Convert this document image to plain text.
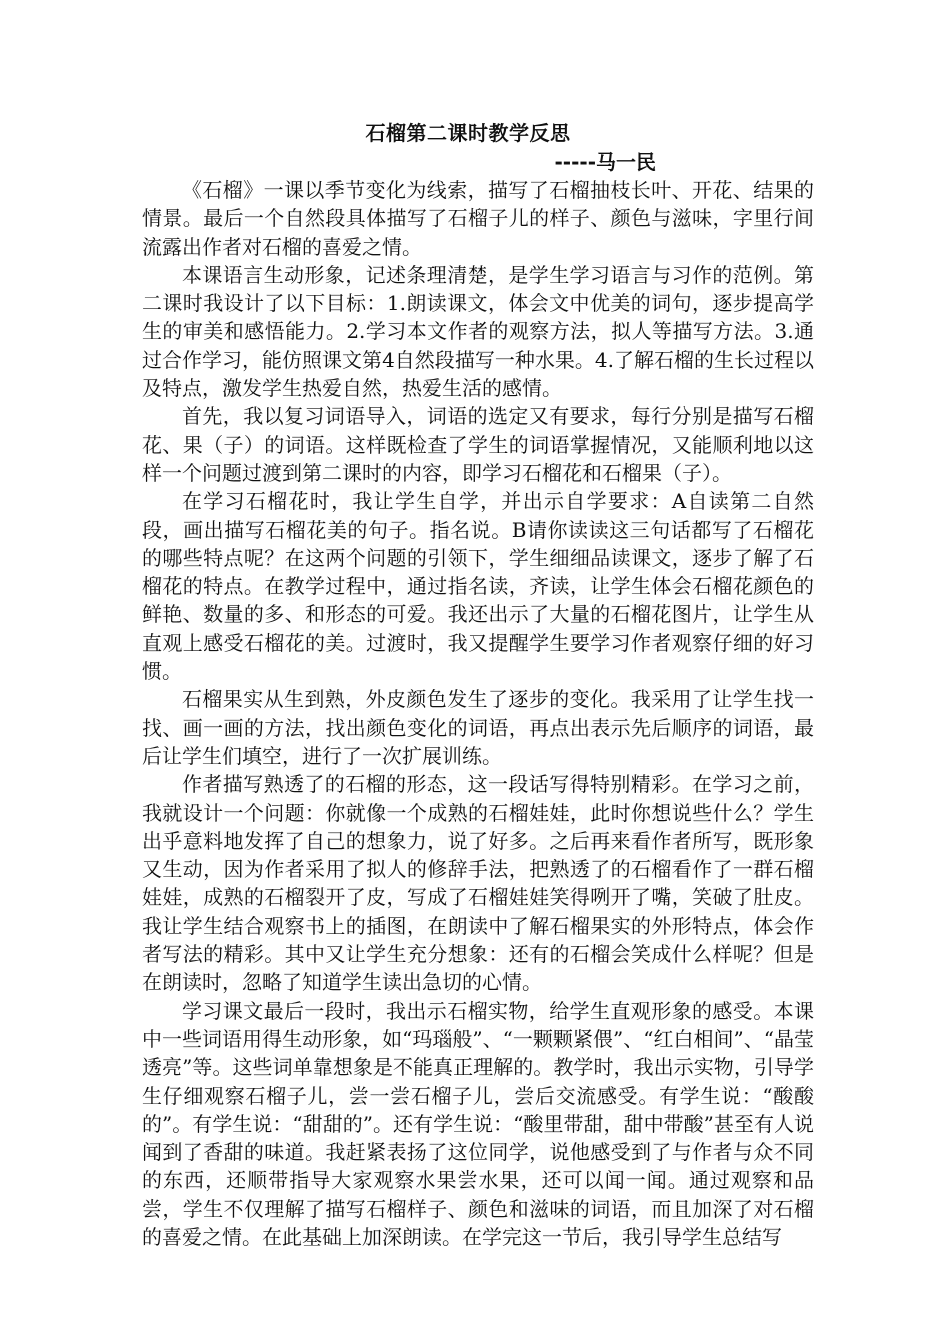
石榴第二课时教学反思
-----马一民

《石榴》一课以季节变化为线索，描写了石榴抽枝长叶、开花、结果的情景。最后一个自然段具体描写了石榴子儿的样子、颜色与滋味，字里行间流露出作者对石榴的喜爱之情。

本课语言生动形象，记述条理清楚，是学生学习语言与习作的范例。第二课时我设计了以下目标：1.朗读课文，体会文中优美的词句，逐步提高学生的审美和感悟能力。2.学习本文作者的观察方法，拟人等描写方法。3.通过合作学习，能仿照课文第4自然段描写一种水果。4.了解石榴的生长过程以及特点，激发学生热爱自然，热爱生活的感情。

首先，我以复习词语导入，词语的选定又有要求，每行分别是描写石榴花、果（子）的词语。这样既检查了学生的词语掌握情况，又能顺利地以这样一个问题过渡到第二课时的内容，即学习石榴花和石榴果（子）。

在学习石榴花时，我让学生自学，并出示自学要求：A自读第二自然段，画出描写石榴花美的句子。指名说。B请你读读这三句话都写了石榴花的哪些特点呢？在这两个问题的引领下，学生细细品读课文，逐步了解了石榴花的特点。在教学过程中，通过指名读，齐读，让学生体会石榴花颜色的鲜艳、数量的多、和形态的可爱。我还出示了大量的石榴花图片，让学生从直观上感受石榴花的美。过渡时，我又提醒学生要学习作者观察仔细的好习惯。

石榴果实从生到熟，外皮颜色发生了逐步的变化。我采用了让学生找一找、画一画的方法，找出颜色变化的词语，再点出表示先后顺序的词语，最后让学生们填空，进行了一次扩展训练。

作者描写熟透了的石榴的形态，这一段话写得特别精彩。在学习之前，我就设计一个问题：你就像一个成熟的石榴娃娃，此时你想说些什么？学生出乎意料地发挥了自己的想象力，说了好多。之后再来看作者所写，既形象又生动，因为作者采用了拟人的修辞手法，把熟透了的石榴看作了一群石榴娃娃，成熟的石榴裂开了皮，写成了石榴娃娃笑得咧开了嘴，笑破了肚皮。我让学生结合观察书上的插图，在朗读中了解石榴果实的外形特点，体会作者写法的精彩。其中又让学生充分想象：还有的石榴会笑成什么样呢？但是在朗读时，忽略了知道学生读出急切的心情。

学习课文最后一段时，我出示石榴实物，给学生直观形象的感受。本课中一些词语用得生动形象，如“玛瑙般”、“一颗颗紧偎”、“红白相间”、“晶莹透亮”等。这些词单靠想象是不能真正理解的。教学时，我出示实物，引导学生仔细观察石榴子儿，尝一尝石榴子儿，尝后交流感受。有学生说：“酸酸的”。有学生说：“甜甜的”。还有学生说：“酸里带甜，甜中带酸”甚至有人说闻到了香甜的味道。我赶紧表扬了这位同学，说他感受到了与作者与众不同的东西，还顺带指导大家观察水果尝水果，还可以闻一闻。通过观察和品尝，学生不仅理解了描写石榴样子、颜色和滋味的词语，而且加深了对石榴的喜爱之情。在此基础上加深朗读。在学完这一节后，我引导学生总结写
